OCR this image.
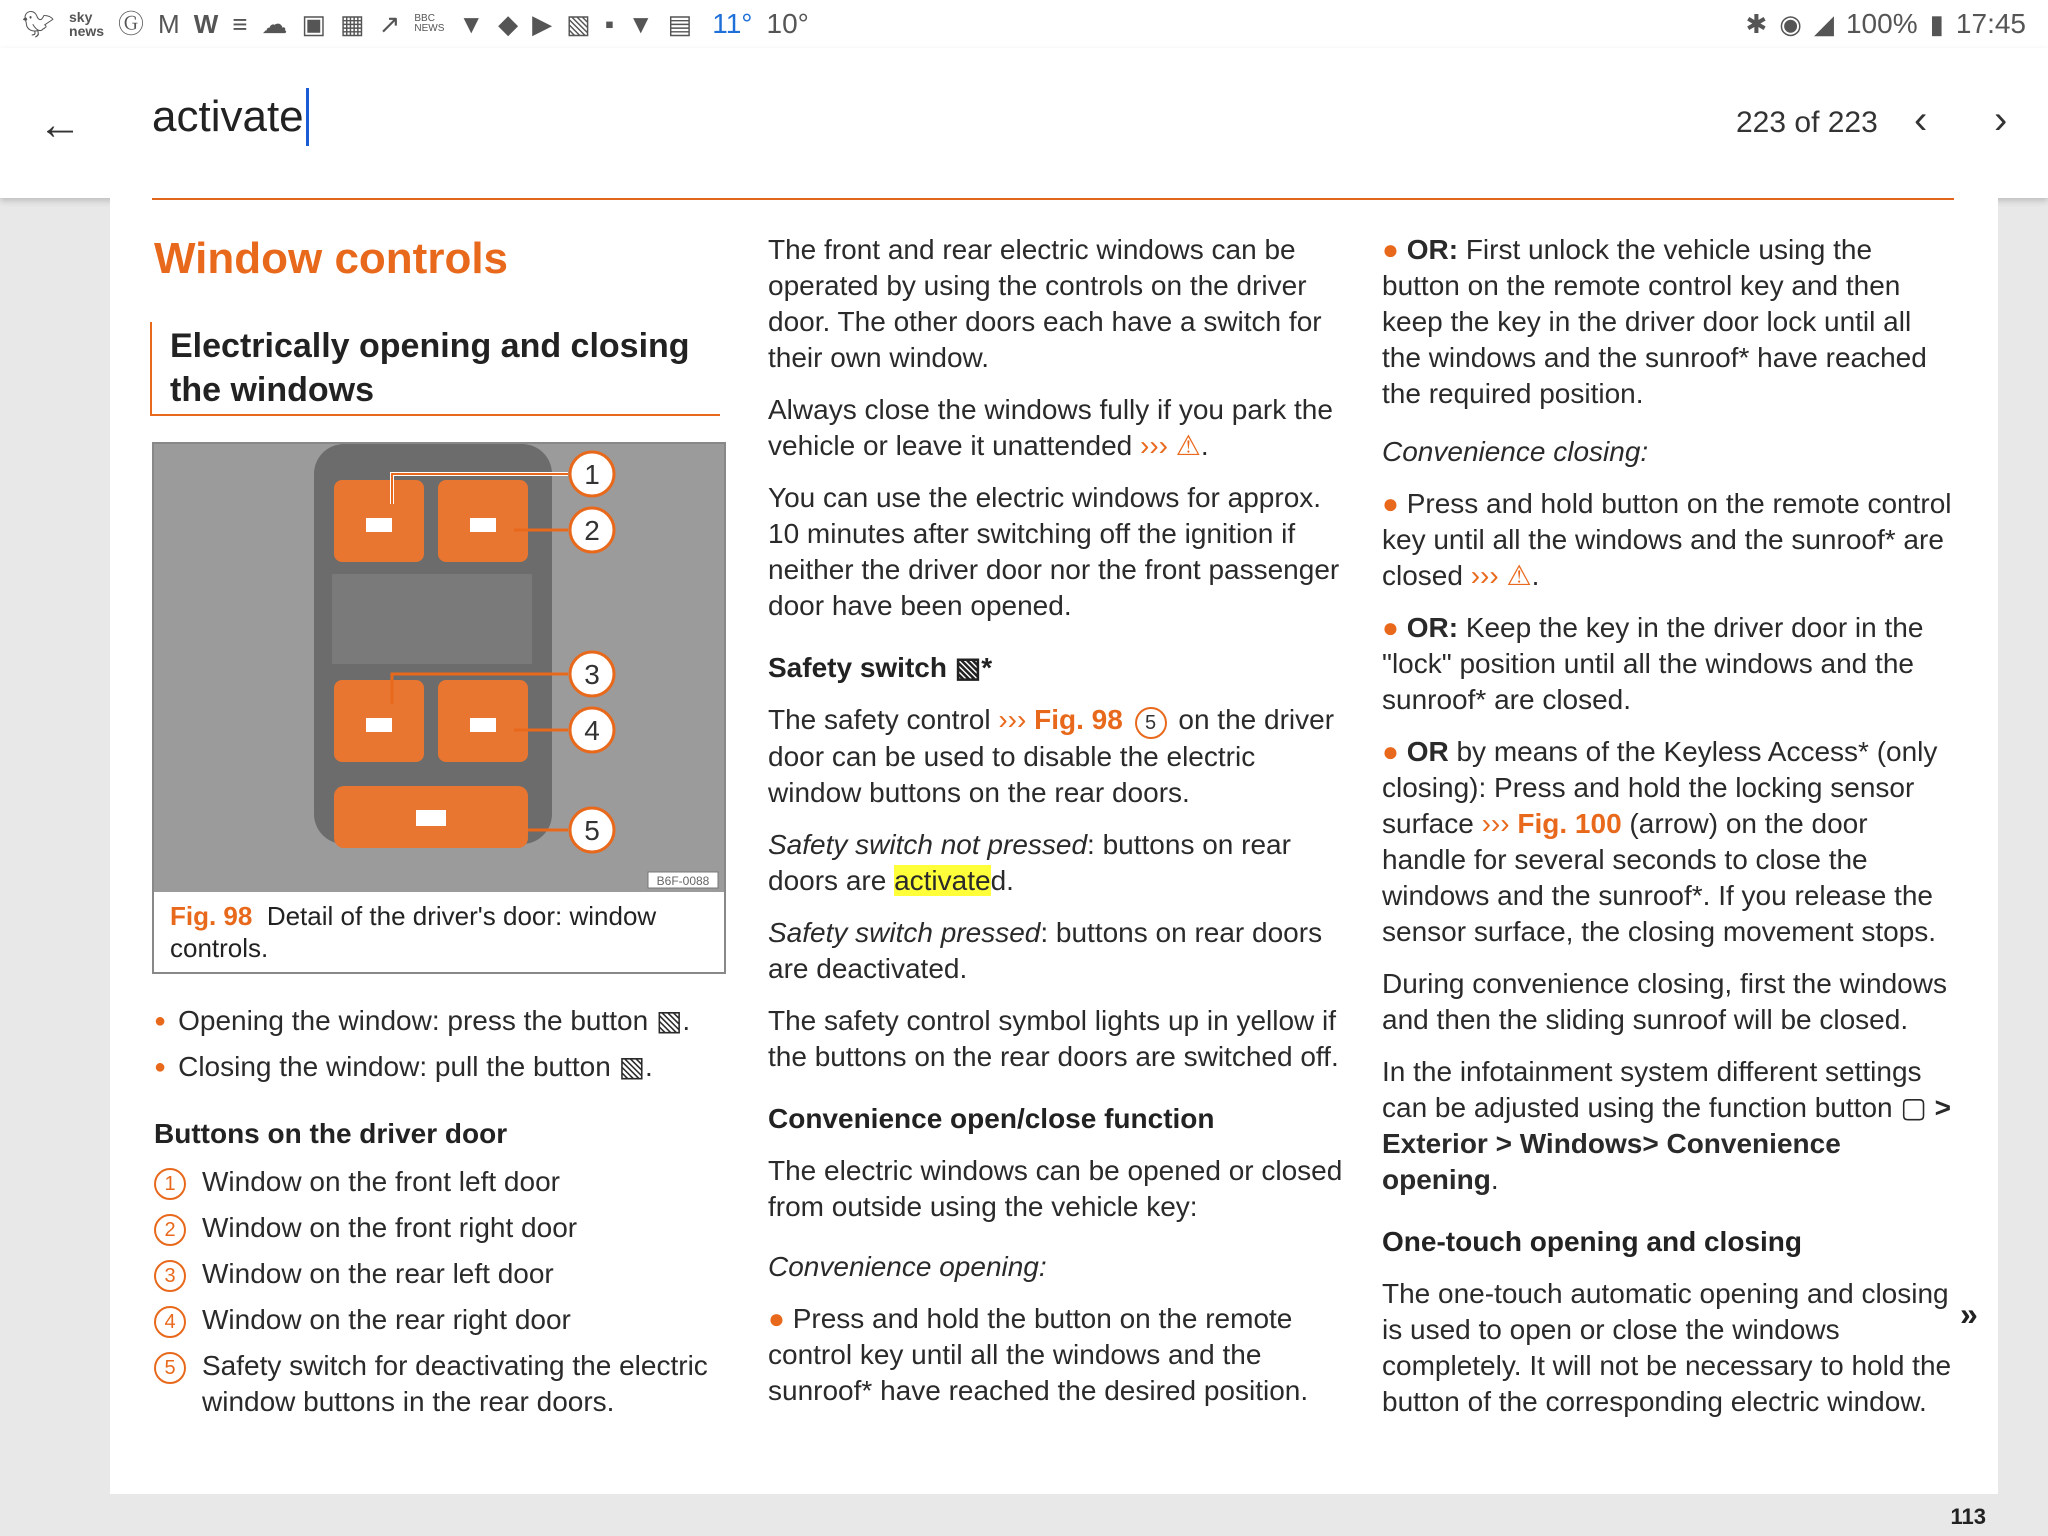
🐦︎ sky
news Ⓖ M W ≡ ☁ ▣ ▦ ↗ BBC
NEWS ▼ ◆ ▶ ▧ ▪ ▼ ▤ 11° 10°	✱ ◉ ◢ 100% ▮ 17:45
← activate	223 of 223 ‹ ›
Window controls
Electrically opening and closing the windows
1
2
3
4
5
B6F-0088
Fig. 98 Detail of the driver's door: window controls.
● Opening the window: press the button ▧.
● Closing the window: pull the button ▧.
Buttons on the driver door
1 Window on the front left door
2 Window on the front right door
3 Window on the rear left door
4 Window on the rear right door
5 Safety switch for deactivating the electric window buttons in the rear doors.

The front and rear electric windows can be operated by using the controls on the driver door. The other doors each have a switch for their own window.

Always close the windows fully if you park the vehicle or leave it unattended ››› ⚠.

You can use the electric windows for approx. 10 minutes after switching off the ignition if neither the driver door nor the front passenger door have been opened.

Safety switch ▧*

The safety control ››› Fig. 98 5 on the driver door can be used to disable the electric window buttons on the rear doors.

Safety switch not pressed: buttons on rear doors are activated.

Safety switch pressed: buttons on rear doors are deactivated.

The safety control symbol lights up in yellow if the buttons on the rear doors are switched off.

Convenience open/close function

The electric windows can be opened or closed from outside using the vehicle key:

Convenience opening:

● Press and hold the button on the remote control key until all the windows and the sunroof* have reached the desired position.

● OR: First unlock the vehicle using the button on the remote control key and then keep the key in the driver door lock until all the windows and the sunroof* have reached the required position.

Convenience closing:

● Press and hold button on the remote control key until all the windows and the sunroof* are closed ››› ⚠.

● OR: Keep the key in the driver door in the "lock" position until all the windows and the sunroof* are closed.

● OR by means of the Keyless Access* (only closing): Press and hold the locking sensor surface ››› Fig. 100 (arrow) on the door handle for several seconds to close the windows and the sunroof*. If you release the sensor surface, the closing movement stops.

During convenience closing, first the windows and then the sliding sunroof will be closed.

In the infotainment system different settings can be adjusted using the function button ▢ > Exterior > Windows> Convenience opening.

One-touch opening and closing

The one-touch automatic opening and closing is used to open or close the windows completely. It will not be necessary to hold the button of the corresponding electric window.

»
113
